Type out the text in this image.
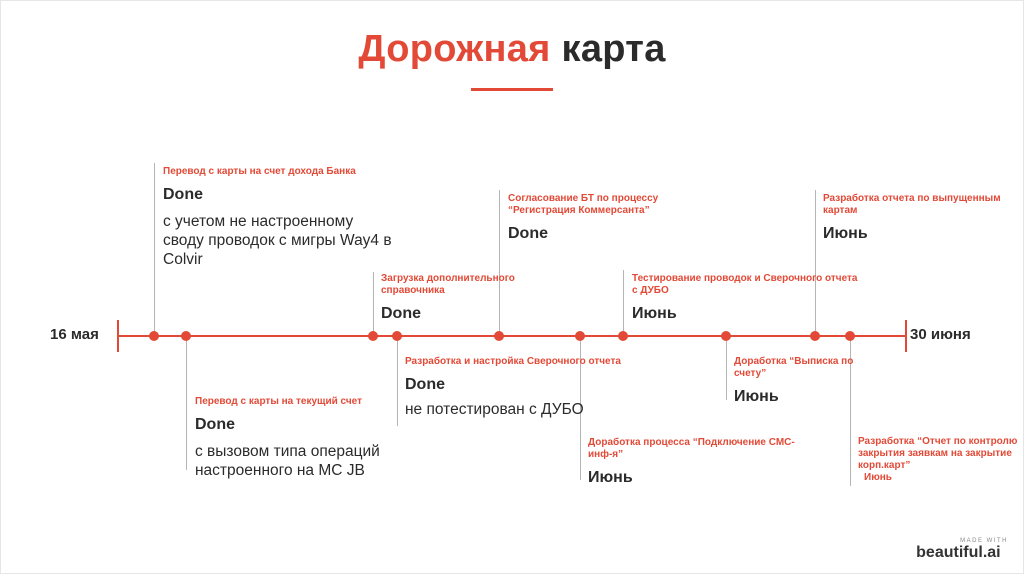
Дорожная карта
16 мая	30 июня
Перевод с карты на счет дохода Банка
Done
с учетом не настроенному своду проводок с мигры Way4 в Colvir
Перевод с карты на текущий счет
Done
с вызовом типа операций настроенного на МС JB
Загрузка дополнительного справочника
Done
Разработка и настройка Сверочного отчета
Done
не потестирован с ДУБО
Согласование БТ по процессу “Регистрация Коммерсанта”
Done
Доработка процесса “Подключение СМС-инф-я”
Июнь
Тестирование проводок и Сверочного отчета с ДУБО
Июнь
Доработка “Выписка по счету”
Июнь
Разработка отчета по выпущенным картам
Июнь
Разработка “Отчет по контролю закрытия заявкам на закрытие корп.карт”
Июнь
MADE WITH
beautiful.ai
